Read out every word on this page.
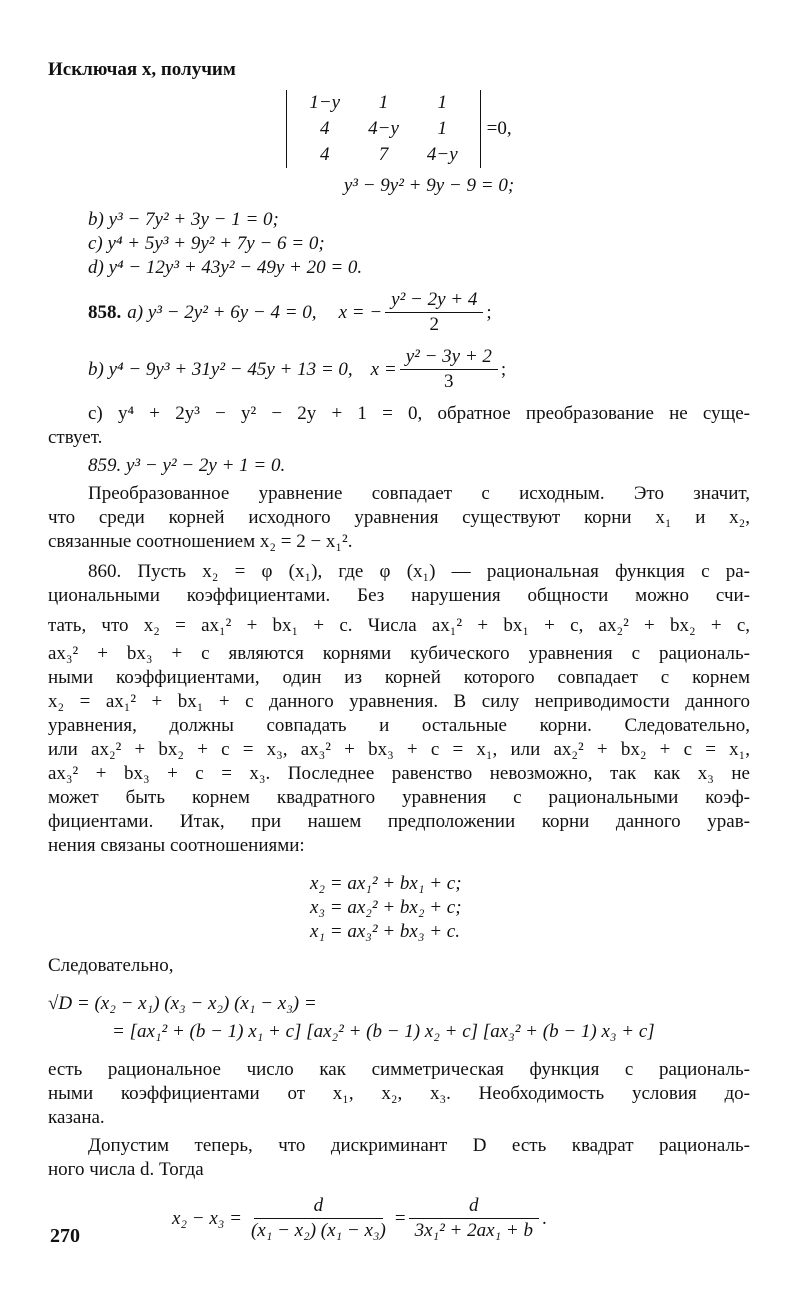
Исключая x, получим
1−y	1	1
4	4−y	1
4	7	4−y
=0,
y³ − 9y² + 9y − 9 = 0;
b) y³ − 7y² + 3y − 1 = 0;
c) y⁴ + 5y³ + 9y² + 7y − 6 = 0;
d) y⁴ − 12y³ + 43y² − 49y + 20 = 0.
858. a) y³ − 2y² + 6y − 4 = 0, x = − $\frac{\text{y² − 2y + 4}}{2}$ ;
b) y⁴ − 9y³ + 31y² − 45y + 13 = 0, $x = \frac{\text{y² − 3y + 2}}{3}$ ;
c) y⁴ + 2y³ − y² − 2y + 1 = 0, обратное преобразование не суще-
ствует.
859. y³ − y² − 2y + 1 = 0.
Преобразованное уравнение совпадает с исходным. Это значит,
что среди корней исходного уравнения существуют корни x₁ и x₂,
связанные соотношением x₂ = 2 − x₁².
860. Пусть x₂ = φ (x₁), где φ (x₁) — рациональная функция с ра-
циональными коэффициентами. Без нарушения общности можно счи-
тать, что x₂ = ax₁² + bx₁ + c. Числа ax₁² + bx₁ + c, ax₂² + bx₂ + c,
ax₃² + bx₃ + c являются корнями кубического уравнения с рациональ-
ными коэффициентами, один из корней которого совпадает с корнем
x₂ = ax₁² + bx₁ + c данного уравнения. В силу неприводимости данного
уравнения, должны совпадать и остальные корни. Следовательно,
или ax₂² + bx₂ + c = x₃, ax₃² + bx₃ + c = x₁, или ax₂² + bx₂ + c = x₁,
ax₃² + bx₃ + c = x₃. Последнее равенство невозможно, так как x₃ не
может быть корнем квадратного уравнения с рациональными коэф-
фициентами. Итак, при нашем предположении корни данного урав-
нения связаны соотношениями:
x₂ = ax₁² + bx₁ + c;
x₃ = ax₂² + bx₂ + c;
x₁ = ax₃² + bx₃ + c.
Следовательно,
√D = (x₂ − x₁) (x₃ − x₂) (x₁ − x₃) =
= [ax₁² + (b − 1) x₁ + c] [ax₂² + (b − 1) x₂ + c] [ax₃² + (b − 1) x₃ + c]
есть рациональное число как симметрическая функция с рациональ-
ными коэффициентами от x₁, x₂, x₃. Необходимость условия до-
казана.
Допустим теперь, что дискриминант D есть квадрат рациональ-
ного числа d. Тогда
$x_2 - x_3 = \frac{d}{\text{(x₁ − x₂) (x₁ − x₃)}} = \frac{d}{\text{3x₁² + 2ax₁ + b}}$ .
270
